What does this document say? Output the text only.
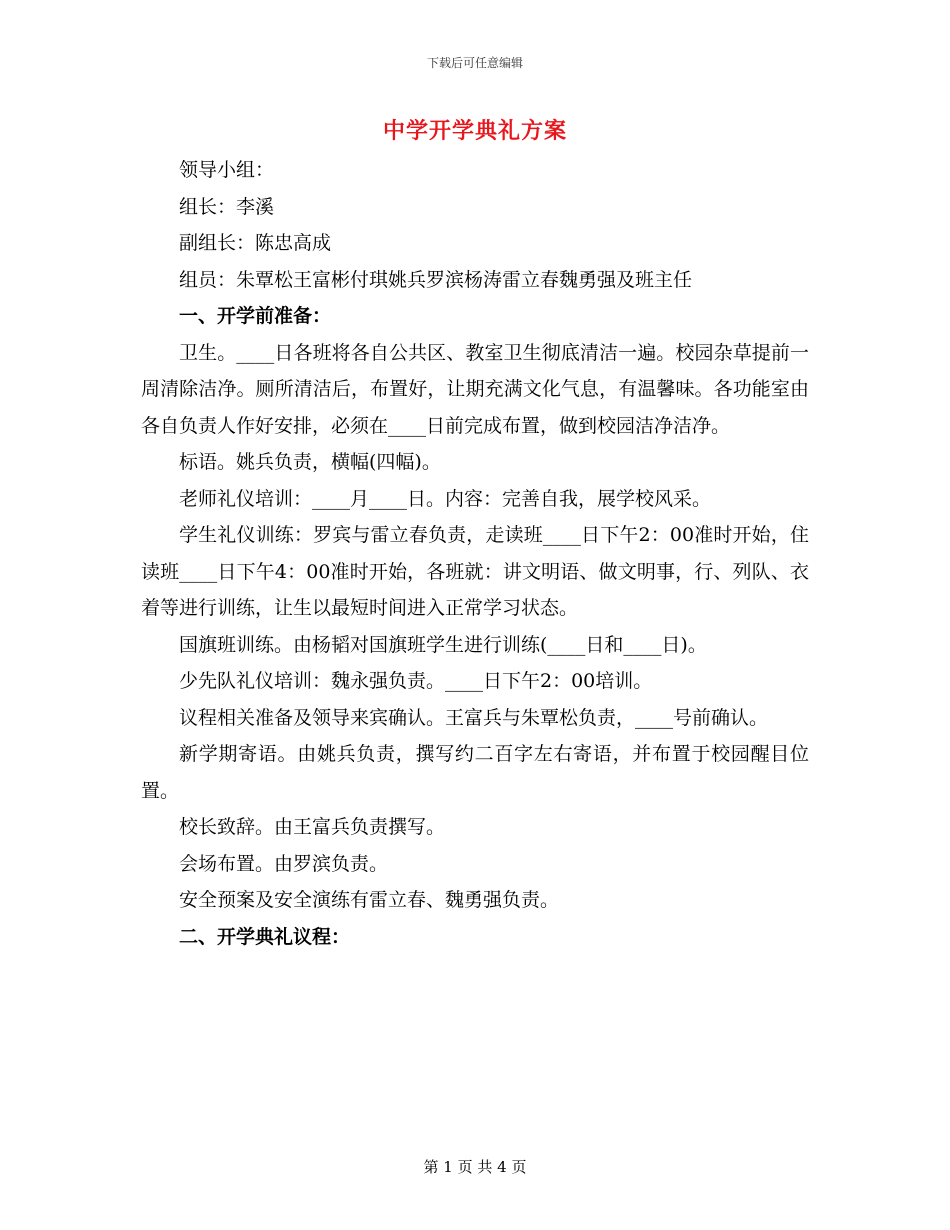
下载后可任意编辑
中学开学典礼方案

领导小组：

组长：李溪

副组长：陈忠高成

组员：朱覃松王富彬付琪姚兵罗滨杨涛雷立春魏勇强及班主任

一、开学前准备：

卫生。____日各班将各自公共区、教室卫生彻底清洁一遍。校园杂草提前一周清除洁净。厕所清洁后，布置好，让期充满文化气息，有温馨味。各功能室由各自负责人作好安排，必须在____日前完成布置，做到校园洁净洁净。

标语。姚兵负责，横幅(四幅)。

老师礼仪培训：____月____日。内容：完善自我，展学校风采。

学生礼仪训练：罗宾与雷立春负责，走读班____日下午2：00准时开始，住读班____日下午4：00准时开始，各班就：讲文明语、做文明事，行、列队、衣着等进行训练，让生以最短时间进入正常学习状态。

国旗班训练。由杨韬对国旗班学生进行训练(____日和____日)。

少先队礼仪培训：魏永强负责。____日下午2：00培训。

议程相关准备及领导来宾确认。王富兵与朱覃松负责，____号前确认。

新学期寄语。由姚兵负责，撰写约二百字左右寄语，并布置于校园醒目位置。

校长致辞。由王富兵负责撰写。

会场布置。由罗滨负责。

安全预案及安全演练有雷立春、魏勇强负责。

二、开学典礼议程：

第 1 页 共 4 页
